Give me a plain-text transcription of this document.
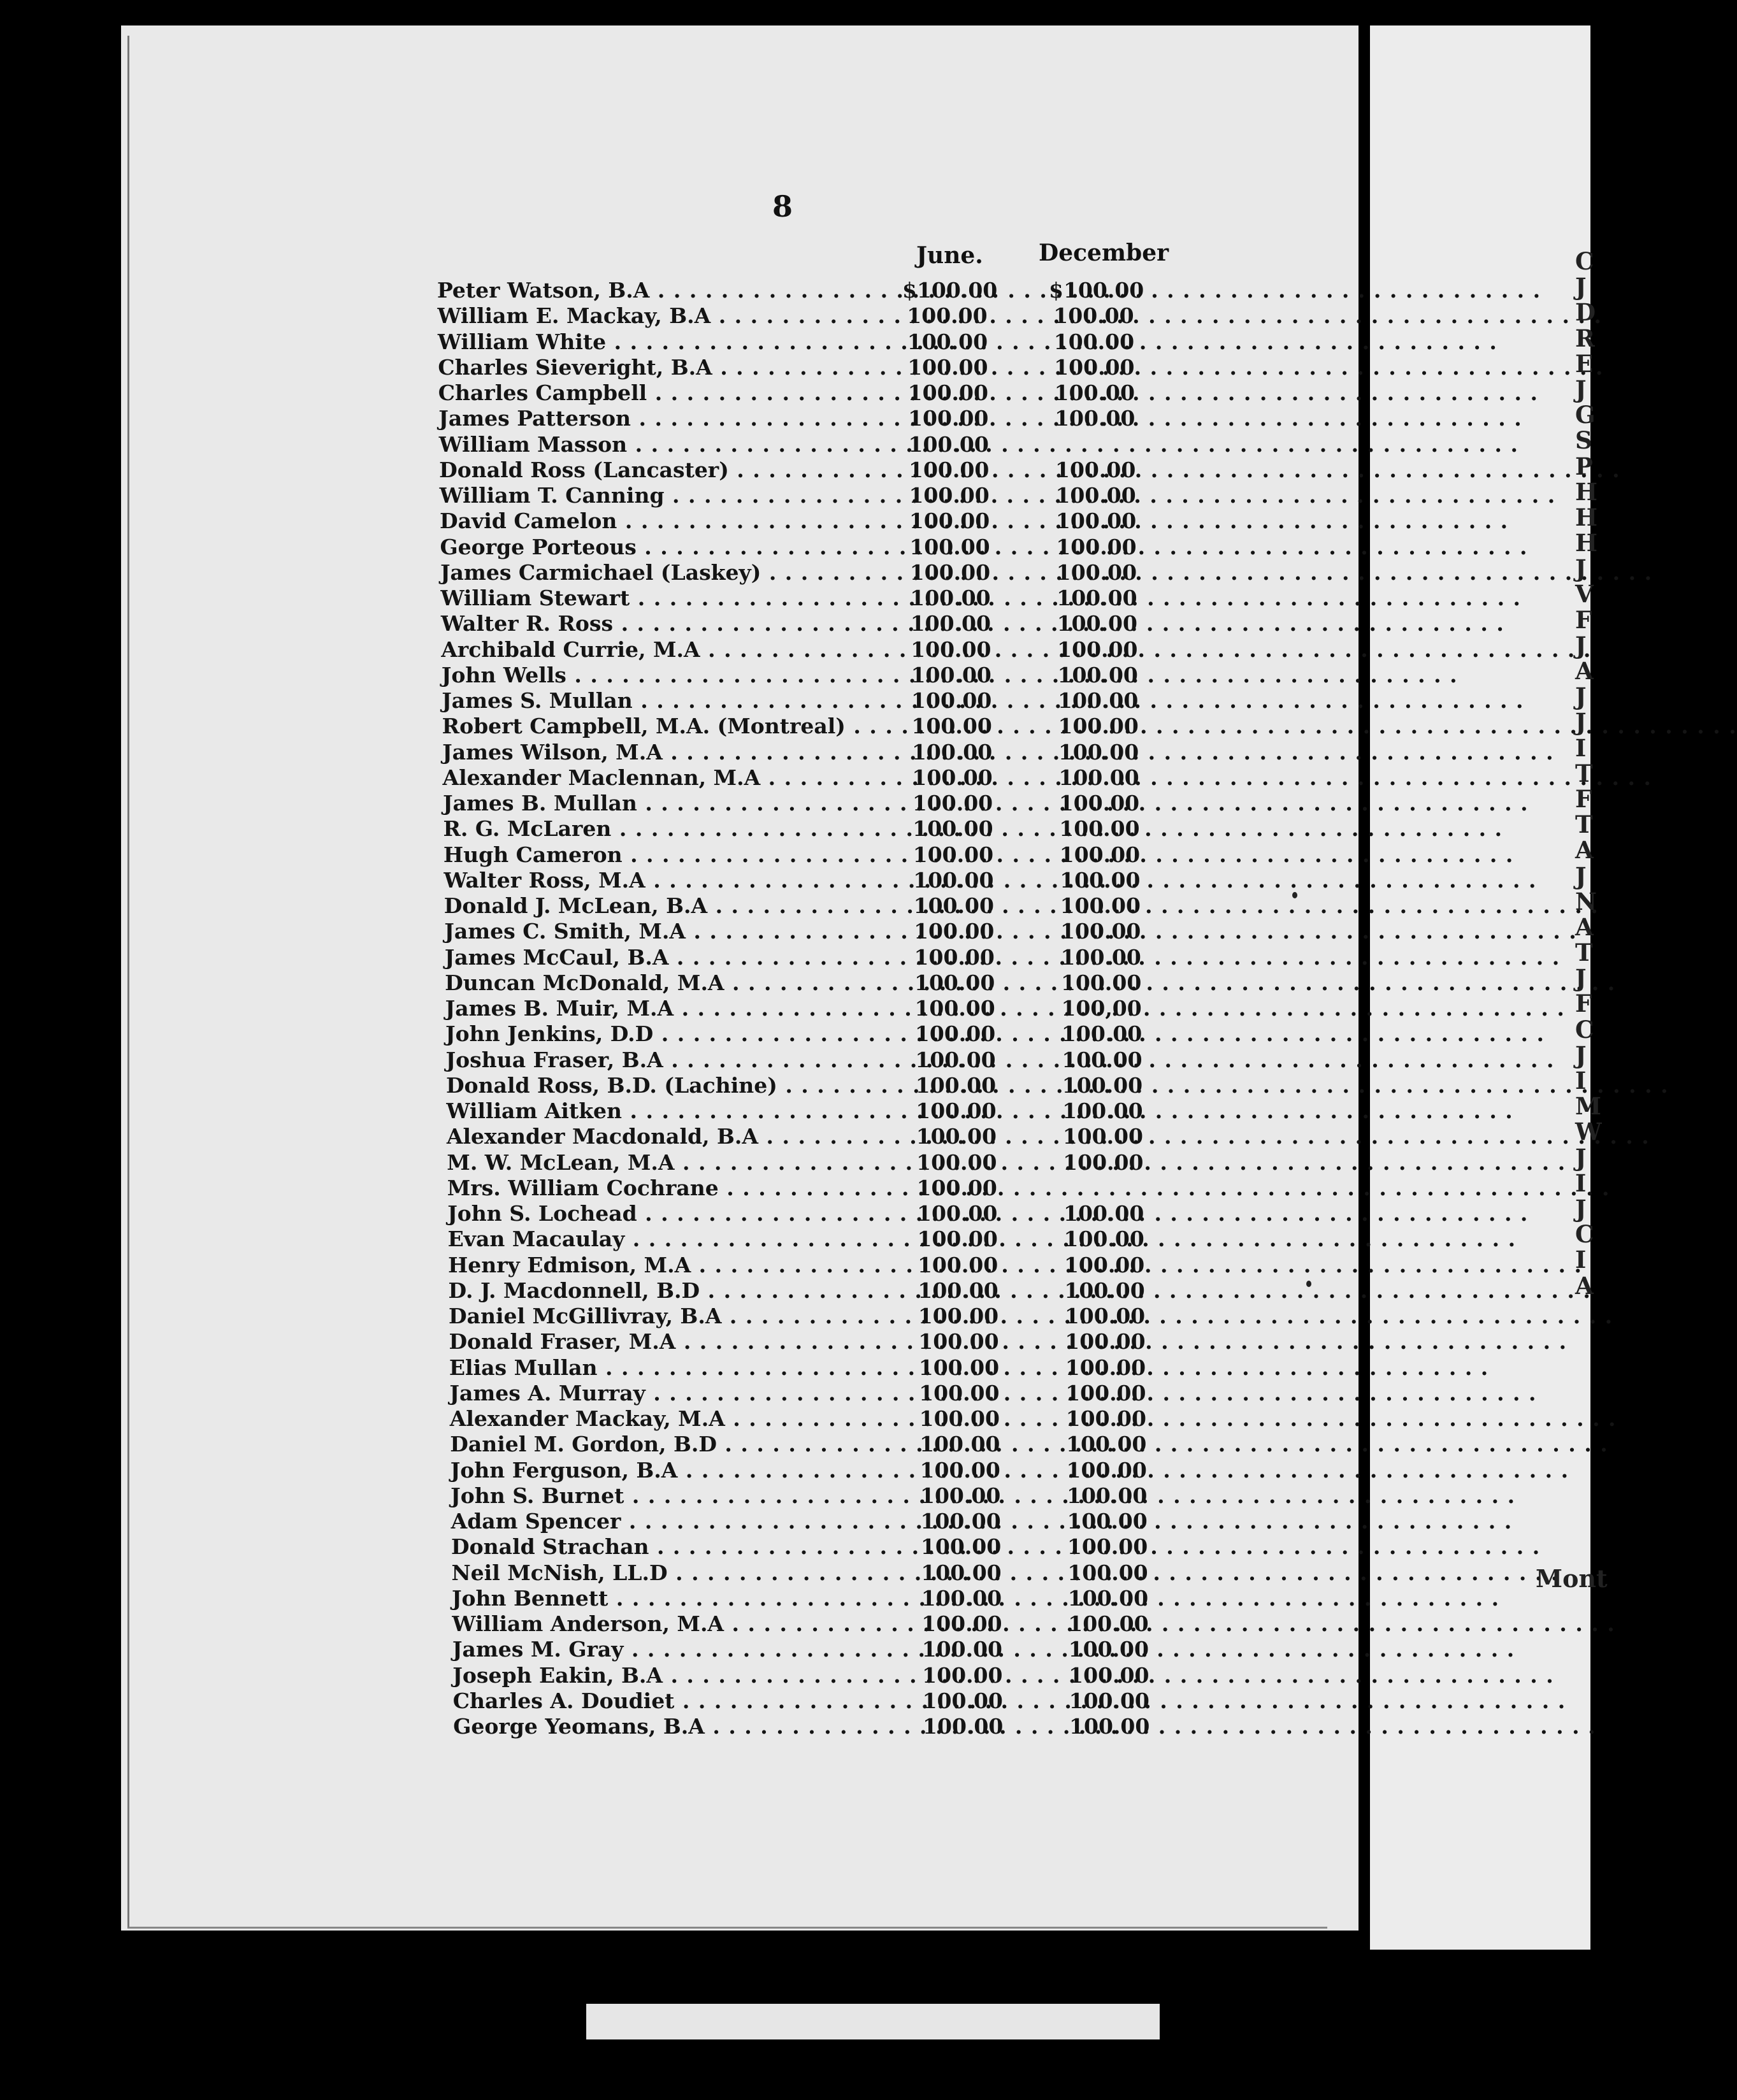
8
June. December
Peter Watson, B.A . . .	$100.00 $100.00
William E. Mackay, B.A . . .	100.00	100.00
William White . . .	100.00	100.00
Charles Sieveright, B.A . . .	100.00	100.00
Charles Campbell . . .	100.00	100.00
James Patterson . . .	100.00	100.00
William Masson . . .	100.00
Donald Ross (Lancaster) . . .	100.00	100.00
William T. Canning . . .	100.00	100.00
David Camelon . . .	100.00	100.00
George Porteous . . .	100.00	100.00
James Carmichael (Laskey) . . .	100.00	100.00
William Stewart . . .	100.00	100.00
Walter R. Ross . . .	100.00	100.00
Archibald Currie, M.A . . .	100.00	100.00
John Wells . . .	100.00	100.00
James S. Mullan . . .	100.00	100.00
Robert Campbell, M.A. (Montreal) . . .	100.00	100.00
James Wilson, M.A . . .	100.00	100.00
Alexander Maclennan, M.A . . .	100.00	100.00
James B. Mullan . . .	100.00	100.00
R. G. McLaren . . .	100.00	100.00
Hugh Cameron . . .	100.00	100.00
Walter Ross, M.A . . .	100.00	100.00
Donald J. McLean, B.A . . .	100.00	100.00
James C. Smith, M.A . . .	100.00	100.00
James McCaul, B.A . . .	100.00	100.00
Duncan McDonald, M.A . . .	100.00	100.00
James B. Muir, M.A . . .	100.00	100,00
John Jenkins, D.D . . .	100.00	100.00
Joshua Fraser, B.A . . .	100.00	100.00
Donald Ross, B.D. (Lachine) . . .	100.00	100.00
William Aitken . . .	100.00	100.00
Alexander Macdonald, B.A . . .	100.00	100.00
M. W. McLean, M.A . . .	100.00	100.00
Mrs. William Cochrane . . .	100.00
John S. Lochead . . .	100.00	100.00
Evan Macaulay . . .	100.00	100.00
Henry Edmison, M.A . . .	100.00	100.00
D. J. Macdonnell, B.D . . .	100.00	100.00
Daniel McGillivray, B.A . . .	100.00	100.00
Donald Fraser, M.A . . .	100.00	100.00
Elias Mullan . . .	100.00	100.00
James A. Murray . . .	100.00	100.00
Alexander Mackay, M.A . . .	100.00	100.00
Daniel M. Gordon, B.D . . .	100.00	100.00
John Ferguson, B.A . . .	100.00	100.00
John S. Burnet . . .	100.00	100.00
Adam Spencer . . .	100.00	100.00
Donald Strachan . . .	100.00	100.00
Neil McNish, LL.D . . .	100.00	100.00
John Bennett . . .	100.00	100.00
William Anderson, M.A . . .	100.00	100.00
James M. Gray . . .	100.00	100.00
Joseph Eakin, B.A . . .	100.00	100.00
Charles A. Doudiet . . .	100.00	100.00
George Yeomans, B.A . . .	100.00	100.00
C
J
D
R
E
J
G
S
P
H
H
H
J
V
F
J
A
J
J
I
T
F
T
A
J
N
A
T
J
F
C
J
I
M
W
J
I
J
C
I
A
Mont
